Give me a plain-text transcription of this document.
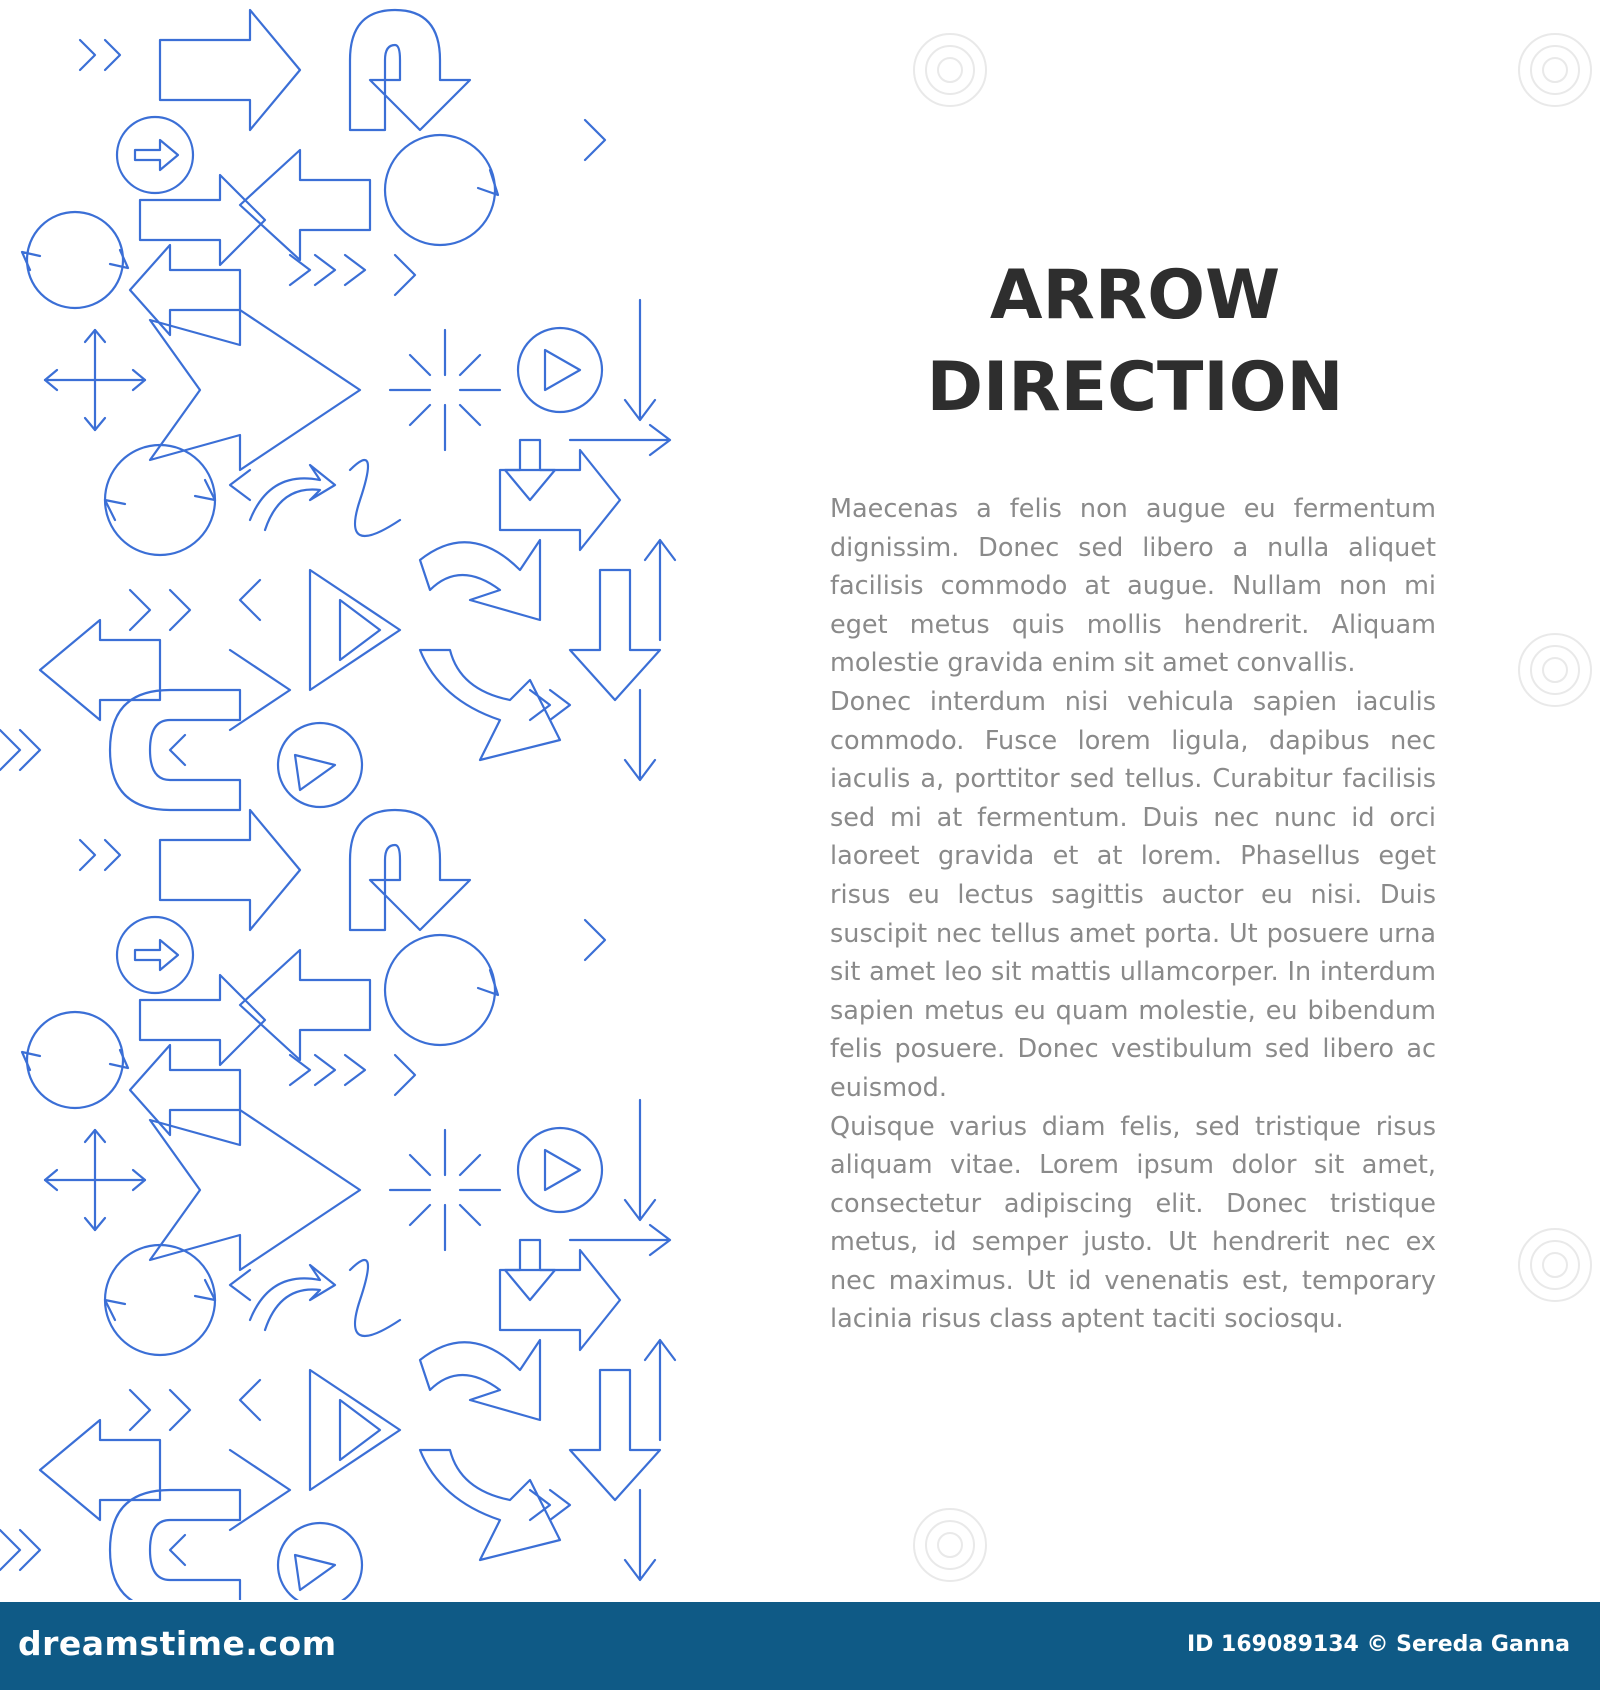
ARROW
DIRECTION

Maecenas a felis non augue eu fermentum dignissim. Donec sed libero a nulla aliquet facilisis commodo at augue. Nullam non mi eget metus quis mollis hendrerit. Aliquam molestie gravida enim sit amet convallis.

Donec interdum nisi vehicula sapien iaculis commodo. Fusce lorem ligula, dapibus nec iaculis a, porttitor sed tellus. Curabitur facilisis sed mi at fermentum. Duis nec nunc id orci laoreet gravida et at lorem. Phasellus eget risus eu lectus sagittis auctor eu nisi. Duis suscipit nec tellus amet porta. Ut posuere urna sit amet leo sit mattis ullamcorper. In interdum sapien metus eu quam molestie, eu bibendum felis posuere. Donec vestibulum sed libero ac euismod.

Quisque varius diam felis, sed tristique risus aliquam vitae. Lorem ipsum dolor sit amet, consectetur adipiscing elit. Donec tristique metus, id semper justo. Ut hendrerit nec ex nec maximus. Ut id venenatis est, temporary lacinia risus class aptent taciti sociosqu.

dreamstime.com	ID 169089134 © Sereda Ganna
